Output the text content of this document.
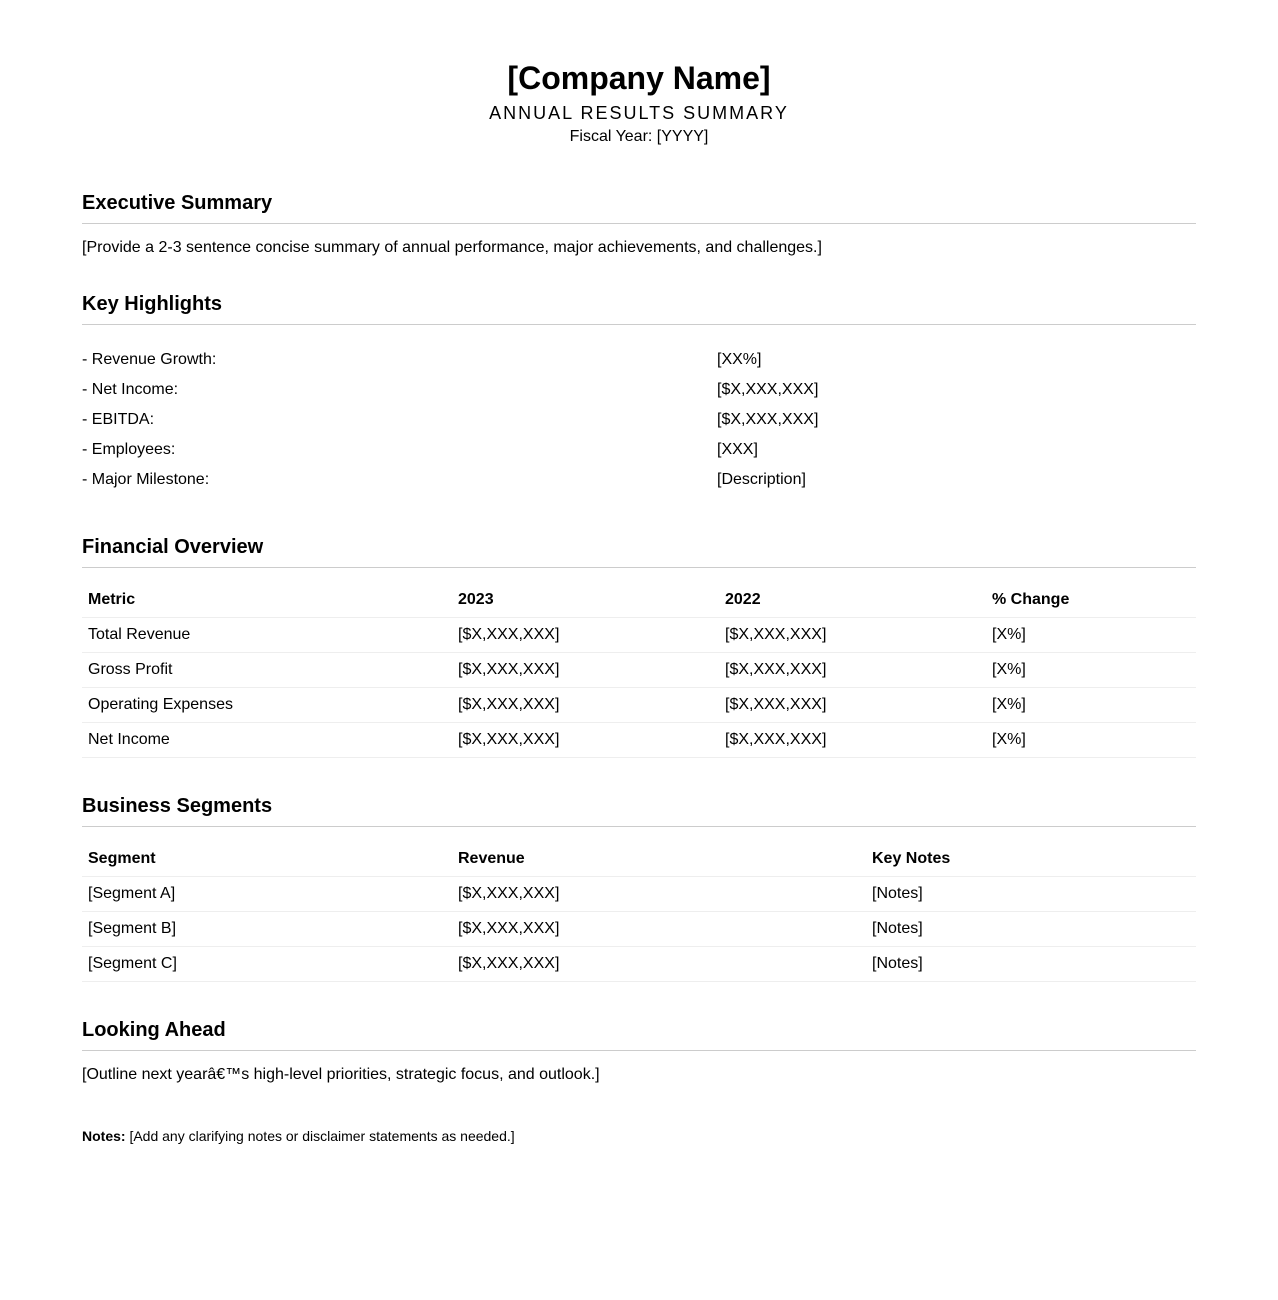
[Company Name]
ANNUAL RESULTS SUMMARY
Fiscal Year: [YYYY]
Executive Summary

[Provide a 2-3 sentence concise summary of annual performance, major achievements, and challenges.]

Key Highlights
- Revenue Growth:	[XX%]
- Net Income:	[$X,XXX,XXX]
- EBITDA:	[$X,XXX,XXX]
- Employees:	[XXX]
- Major Milestone:	[Description]
Financial Overview
Metric	2023	2022	% Change
Total Revenue	[$X,XXX,XXX]	[$X,XXX,XXX]	[X%]
Gross Profit	[$X,XXX,XXX]	[$X,XXX,XXX]	[X%]
Operating Expenses	[$X,XXX,XXX]	[$X,XXX,XXX]	[X%]
Net Income	[$X,XXX,XXX]	[$X,XXX,XXX]	[X%]
Business Segments
Segment	Revenue	Key Notes
[Segment A]	[$X,XXX,XXX]	[Notes]
[Segment B]	[$X,XXX,XXX]	[Notes]
[Segment C]	[$X,XXX,XXX]	[Notes]
Looking Ahead

[Outline next yearâ€™s high-level priorities, strategic focus, and outlook.]

Notes: [Add any clarifying notes or disclaimer statements as needed.]
